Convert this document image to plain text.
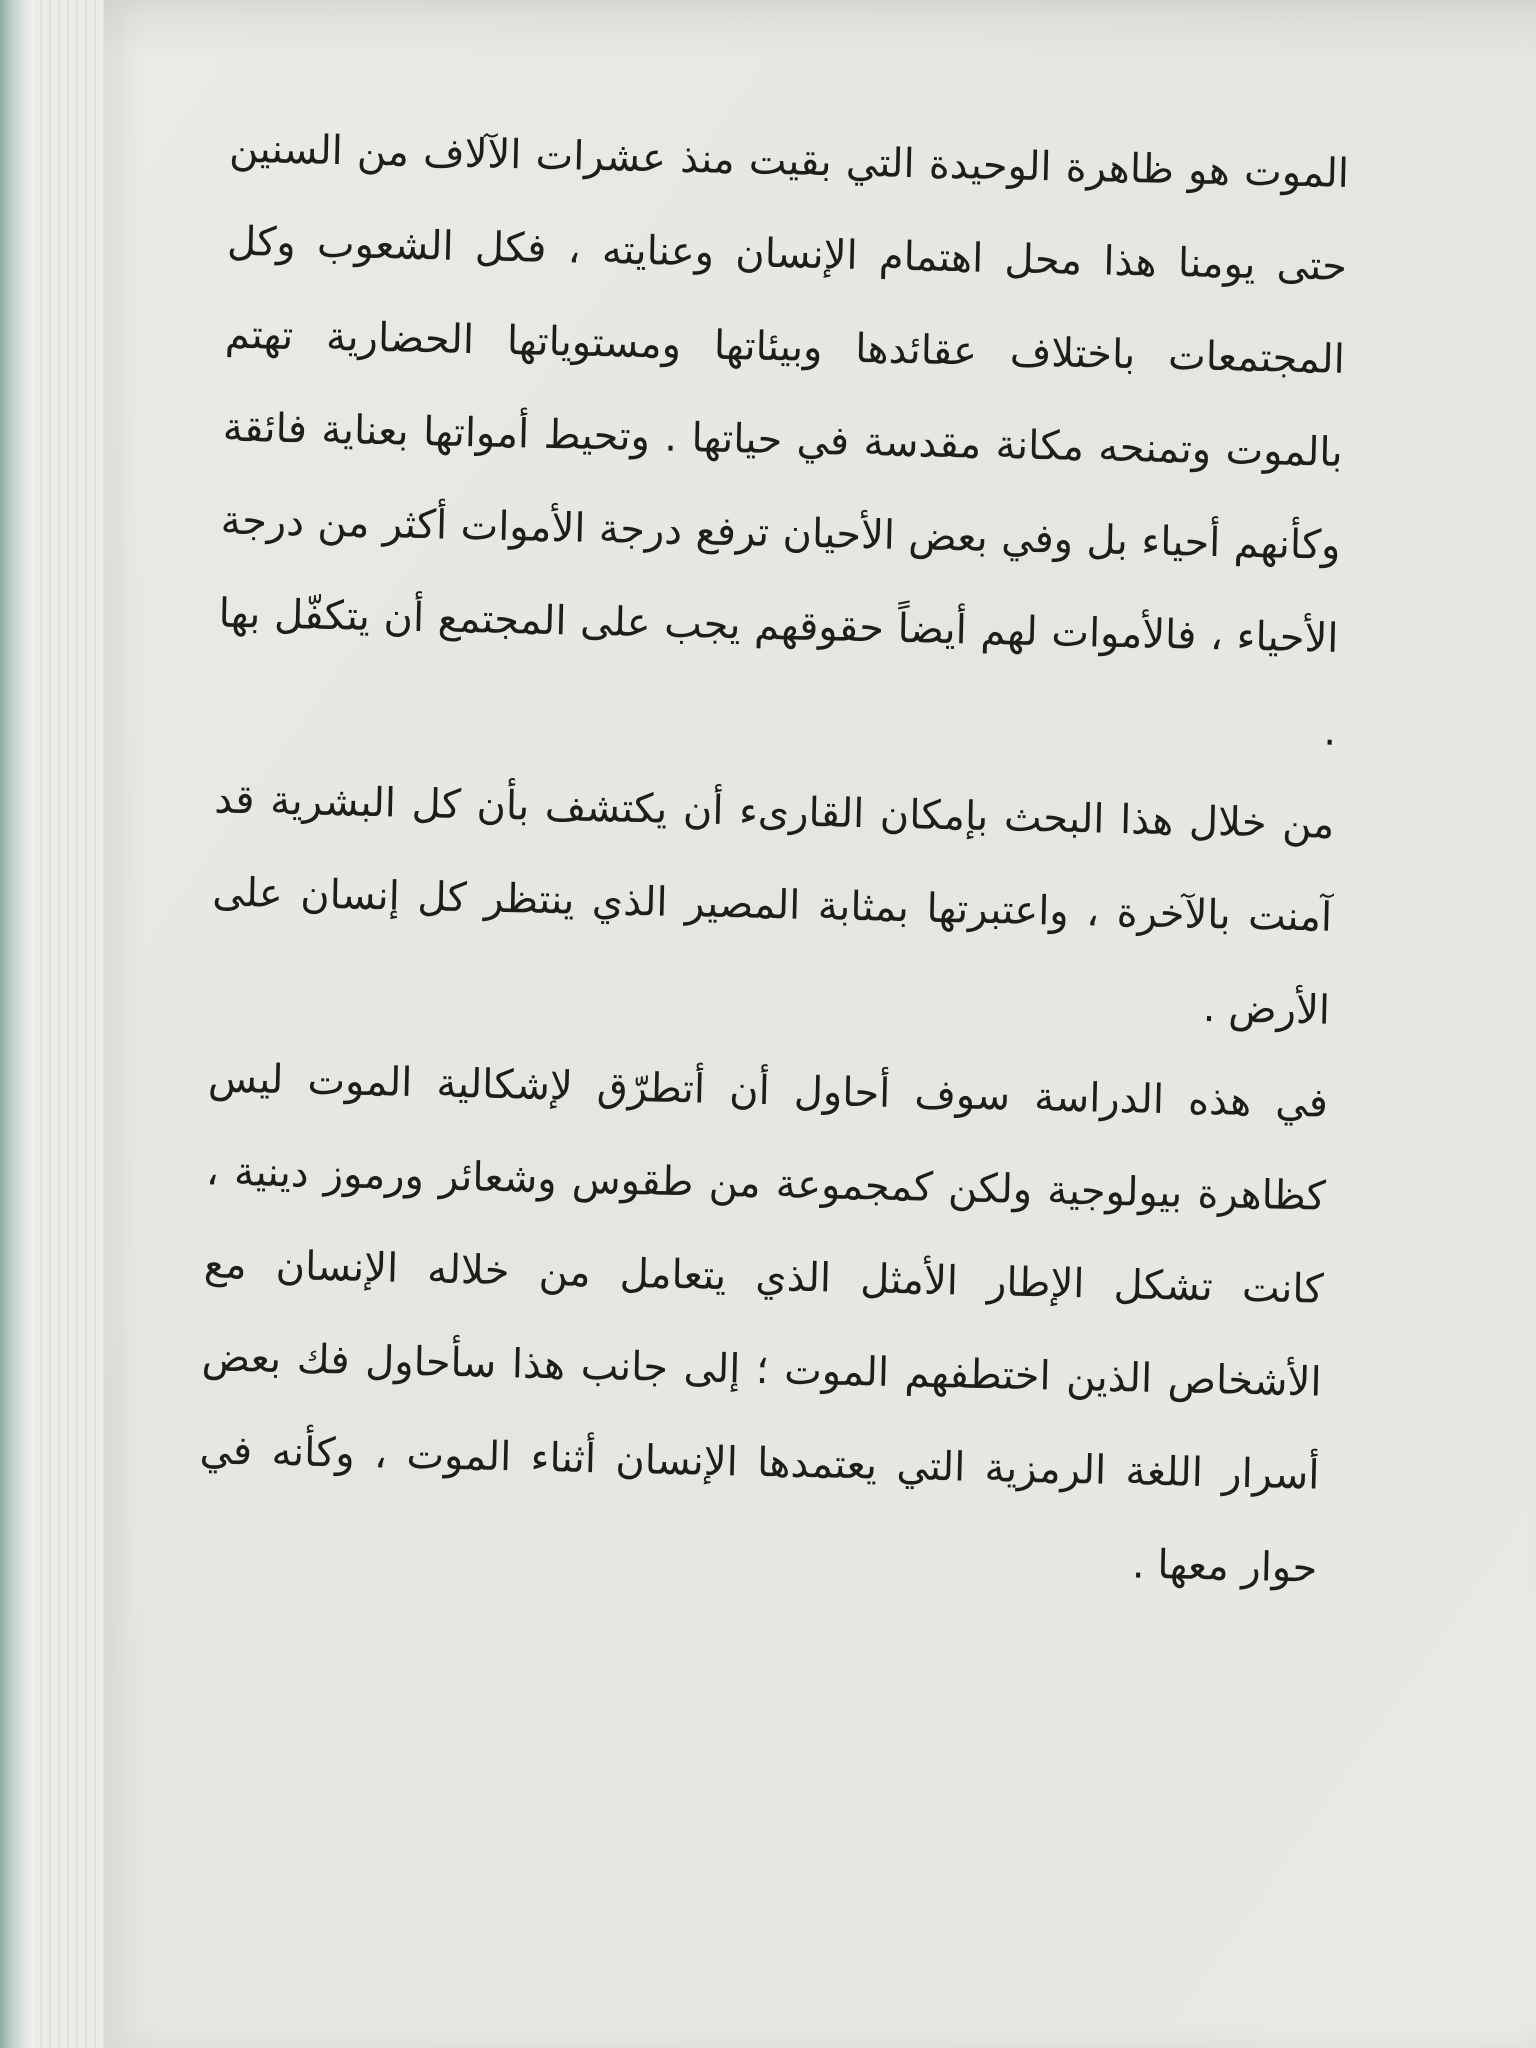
الموت هو ظاهرة الوحيدة التي بقيت منذ عشرات الآلاف من السنين حتى يومنا هذا محل اهتمام الإنسان وعنايته ، فكل الشعوب وكل المجتمعات باختلاف عقائدها وبيئاتها ومستوياتها الحضارية تهتم بالموت وتمنحه مكانة مقدسة في حياتها . وتحيط أمواتها بعناية فائقة وكأنهم أحياء بل وفي بعض الأحيان ترفع درجة الأموات أكثر من درجة الأحياء ، فالأموات لهم أيضاً حقوقهم يجب على المجتمع أن يتكفّل بها .

من خلال هذا البحث بإمكان القارىء أن يكتشف بأن كل البشرية قد آمنت بالآخرة ، واعتبرتها بمثابة المصير الذي ينتظر كل إنسان على الأرض .

في هذه الدراسة سوف أحاول أن أتطرّق لإشكالية الموت ليس كظاهرة بيولوجية ولكن كمجموعة من طقوس وشعائر ورموز دينية ، كانت تشكل الإطار الأمثل الذي يتعامل من خلاله الإنسان مع الأشخاص الذين اختطفهم الموت ؛ إلى جانب هذا سأحاول فك بعض أسرار اللغة الرمزية التي يعتمدها الإنسان أثناء الموت ، وكأنه في حوار معها .
